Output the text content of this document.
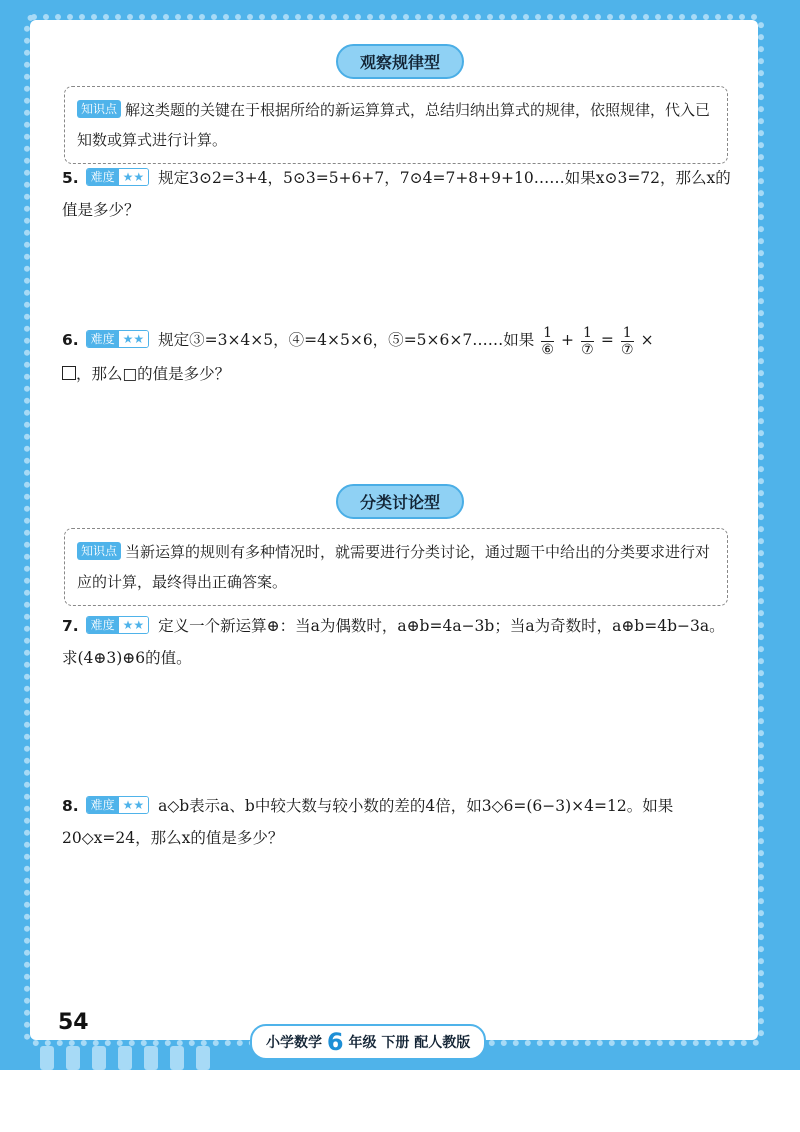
观察规律型
知识点 解这类题的关键在于根据所给的新运算算式，总结归纳出算式的规律，依照规律，代入已知数或算式进行计算。
5. 难度 ★★ 规定3⊙2=3+4，5⊙3=5+6+7，7⊙4=7+8+9+10……如果x⊙3=72，那么x的值是多少？
6. 难度 ★★ 规定③=3×4×5，④=4×5×6，⑤=5×6×7……如果 $\frac{1}{\text{⑥}} + \frac{1}{\text{⑦}} = \frac{1}{\text{⑦}}$ ×
，那么□的值是多少？
分类讨论型
知识点 当新运算的规则有多种情况时，就需要进行分类讨论，通过题干中给出的分类要求进行对应的计算，最终得出正确答案。
7. 难度 ★★ 定义一个新运算⊕：当a为偶数时，a⊕b=4a−3b；当a为奇数时，a⊕b=4b−3a。求(4⊕3)⊕6的值。
8. 难度 ★★ a◇b表示a、b中较大数与较小数的差的4倍，如3◇6=(6−3)×4=12。如果20◇x=24，那么x的值是多少？
54
小学数学 6 年级 下册 配人教版
